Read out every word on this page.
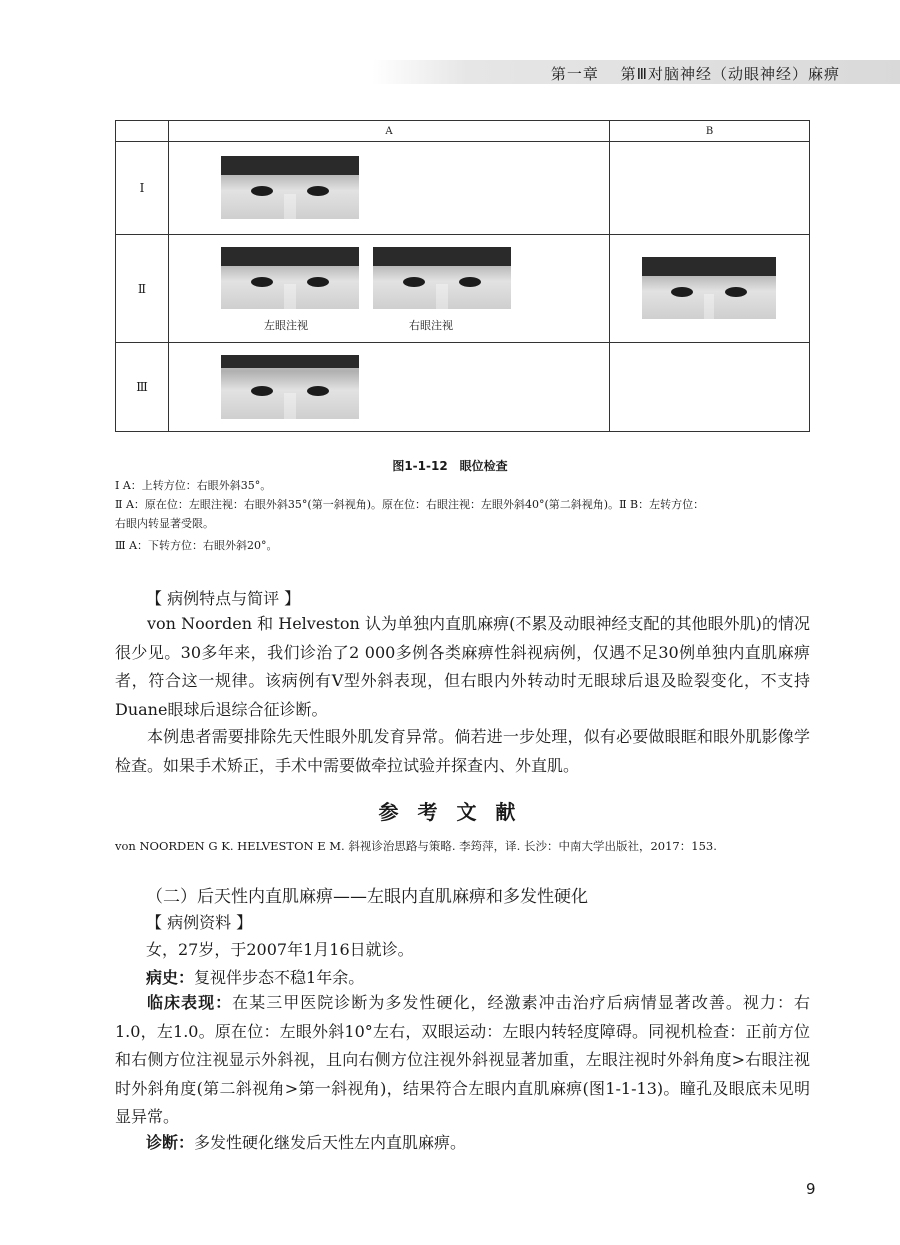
第一章　 第Ⅲ对脑神经（动眼神经）麻痹
	A	B
Ⅰ	

Ⅱ	左眼注视 右眼注视	

Ⅲ	

图1-1-12　眼位检查
Ⅰ A：上转方位：右眼外斜35°。
Ⅱ A：原在位：左眼注视：右眼外斜35°(第一斜视角)。原在位：右眼注视：左眼外斜40°(第二斜视角)。Ⅱ B：左转方位：
右眼内转显著受限。
Ⅲ A：下转方位：右眼外斜20°。
【 病例特点与简评 】
von Noorden 和 Helveston 认为单独内直肌麻痹(不累及动眼神经支配的其他眼外肌)的情况很少见。30多年来，我们诊治了2 000多例各类麻痹性斜视病例，仅遇不足30例单独内直肌麻痹者，符合这一规律。该病例有V型外斜表现，但右眼内外转动时无眼球后退及睑裂变化，不支持Duane眼球后退综合征诊断。
本例患者需要排除先天性眼外肌发育异常。倘若进一步处理，似有必要做眼眶和眼外肌影像学检查。如果手术矫正，手术中需要做牵拉试验并探查内、外直肌。
参 考 文 献
von NOORDEN G K. HELVESTON E M. 斜视诊治思路与策略. 李筠萍，译. 长沙：中南大学出版社，2017：153.
（二）后天性内直肌麻痹——左眼内直肌麻痹和多发性硬化
【 病例资料 】
女，27岁，于2007年1月16日就诊。
病史：复视伴步态不稳1年余。
临床表现：在某三甲医院诊断为多发性硬化，经激素冲击治疗后病情显著改善。视力：右1.0，左1.0。原在位：左眼外斜10°左右，双眼运动：左眼内转轻度障碍。同视机检查：正前方位和右侧方位注视显示外斜视，且向右侧方位注视外斜视显著加重，左眼注视时外斜角度>右眼注视时外斜角度(第二斜视角>第一斜视角)，结果符合左眼内直肌麻痹(图1-1-13)。瞳孔及眼底未见明显异常。
诊断：多发性硬化继发后天性左内直肌麻痹。
9
